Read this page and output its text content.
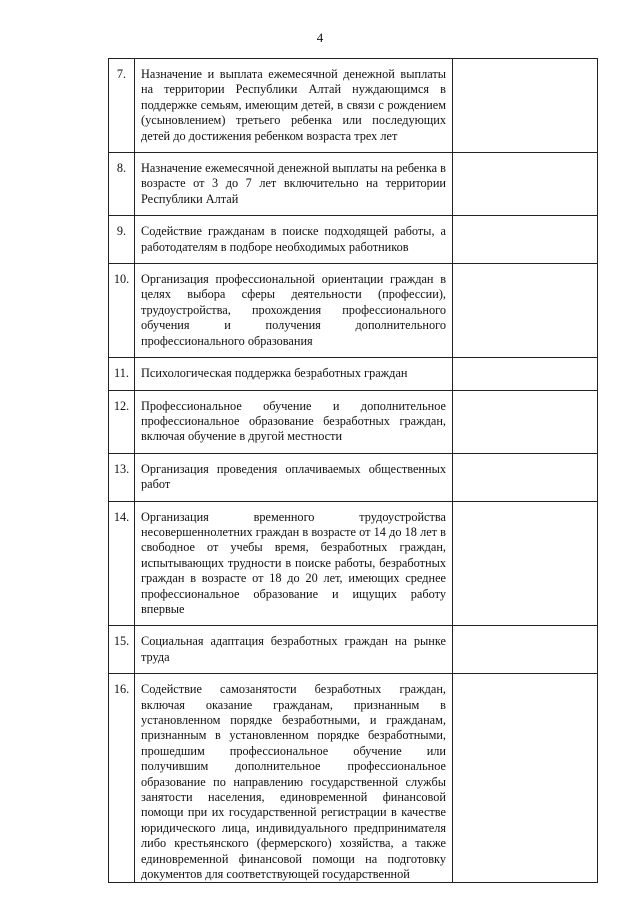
4
7.	Назначение и выплата ежемесячной денежной выплаты на территории Республики Алтай нуждающимся в поддержке семьям, имеющим детей, в связи с рождением (усыновлением) третьего ребенка или последующих детей до достижения ребенком возраста трех лет	
8.	Назначение ежемесячной денежной выплаты на ребенка в возрасте от 3 до 7 лет включительно на территории Республики Алтай	
9.	Содействие гражданам в поиске подходящей работы, а работодателям в подборе необходимых работников	
10.	Организация профессиональной ориентации граждан в целях выбора сферы деятельности (профессии), трудоустройства, прохождения профессионального обучения и получения дополнительного профессионального образования	
11.	Психологическая поддержка безработных граждан	
12.	Профессиональное обучение и дополнительное профессиональное образование безработных граждан, включая обучение в другой местности	
13.	Организация проведения оплачиваемых общественных работ	
14.	Организация временного трудоустройства несовершеннолетних граждан в возрасте от 14 до 18 лет в свободное от учебы время, безработных граждан, испытывающих трудности в поиске работы, безработных граждан в возрасте от 18 до 20 лет, имеющих среднее профессиональное образование и ищущих работу впервые	
15.	Социальная адаптация безработных граждан на рынке труда	
16.	Содействие самозанятости безработных граждан, включая оказание гражданам, признанным в установленном порядке безработными, и гражданам, признанным в установленном порядке безработными, прошедшим профессиональное обучение или получившим дополнительное профессиональное образование по направлению государственной службы занятости населения, единовременной финансовой помощи при их государственной регистрации в качестве юридического лица, индивидуального предпринимателя либо крестьянского (фермерского) хозяйства, а также единовременной финансовой помощи на подготовку документов для соответствующей государственной	
